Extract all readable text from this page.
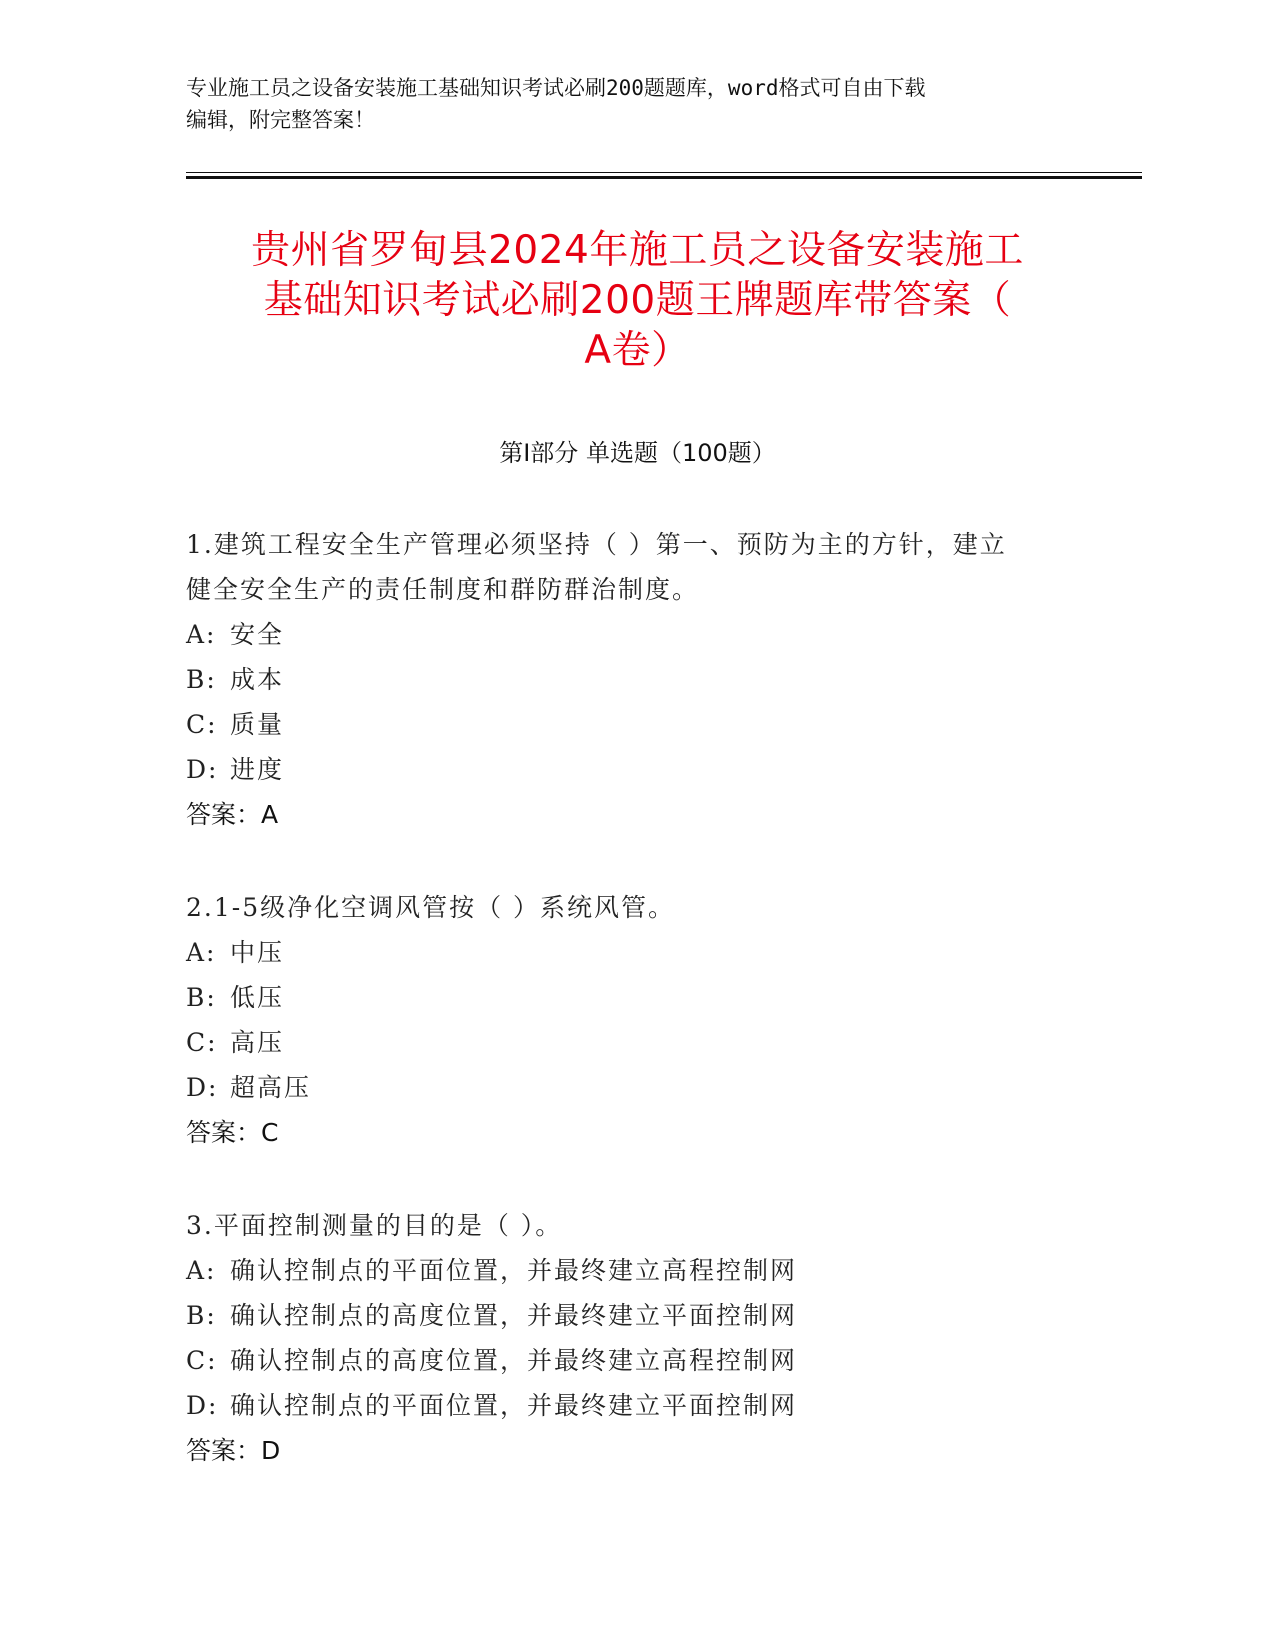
专业施工员之设备安装施工基础知识考试必刷200题题库，word格式可自由下载
编辑，附完整答案！
贵州省罗甸县2024年施工员之设备安装施工
基础知识考试必刷200题王牌题库带答案（
A卷）
第Ⅰ部分 单选题（100题）
1.建筑工程安全生产管理必须坚持（ ）第一、预防为主的方针，建立
健全安全生产的责任制度和群防群治制度。
A: 安全
B: 成本
C: 质量
D: 进度
答案：A
2.1-5级净化空调风管按（ ）系统风管。
A: 中压
B: 低压
C: 高压
D: 超高压
答案：C
3.平面控制测量的目的是（ ）。
A: 确认控制点的平面位置，并最终建立高程控制网
B: 确认控制点的高度位置，并最终建立平面控制网
C: 确认控制点的高度位置，并最终建立高程控制网
D: 确认控制点的平面位置，并最终建立平面控制网
答案：D
